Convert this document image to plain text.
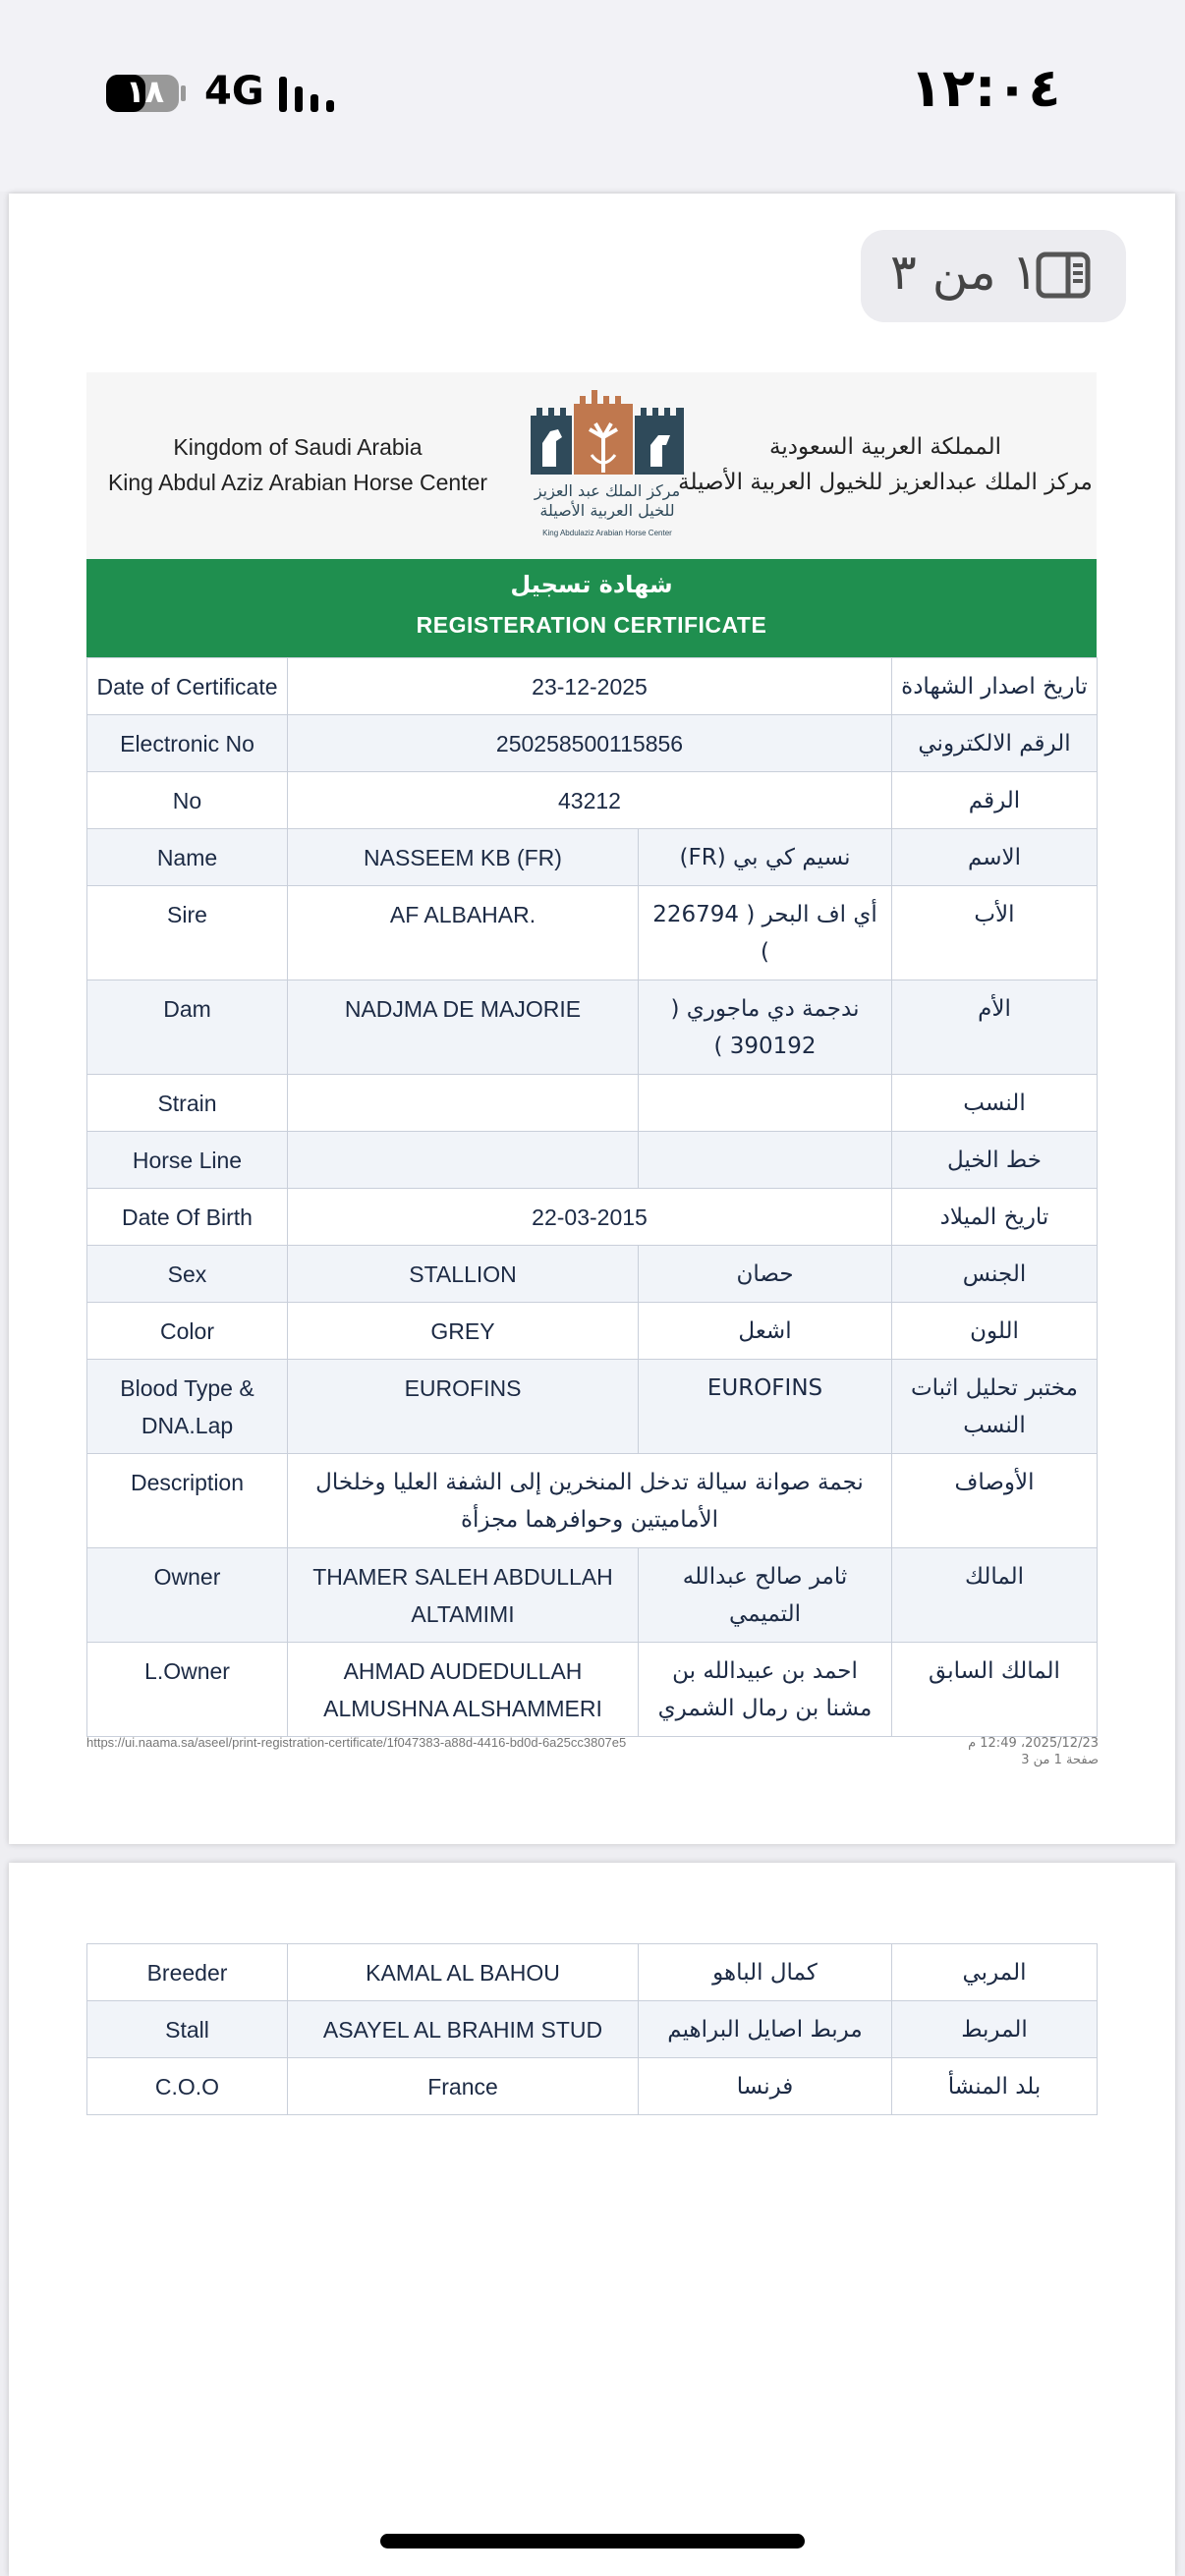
١٢:٠٤
4G
١٨
١ من ٣
Kingdom of Saudi Arabia
King Abdul Aziz Arabian Horse Center	مركز الملك عبد العزيز
للخيل العربية الأصيلة
King Abdulaziz Arabian Horse Center
المملكة العربية السعودية
مركز الملك عبدالعزيز للخيول العربية الأصيلة
شهادة تسجيل
REGISTERATION CERTIFICATE
Date of Certificate	23-12-2025		تاريخ اصدار الشهادة
Electronic No	250258500115856		الرقم الالكتروني
No	43212		الرقم
Name	NASSEEM KB (FR)	نسيم كي بي (FR)	الاسم
Sire	AF ALBAHAR.	أي اف البحر ( 226794 )	الأب
Dam	NADJMA DE MAJORIE	ندجمة دي ماجوري ( 390192 )	الأم
Strain			النسب
Horse Line			خط الخيل
Date Of Birth	22-03-2015		تاريخ الميلاد
Sex	STALLION	حصان	الجنس
Color	GREY	اشعل	اللون
Blood Type & DNA.Lap	EUROFINS	EUROFINS	مختبر تحليل اثبات النسب
Description	نجمة صوانة سيالة تدخل المنخرين إلى الشفة العليا وخلخال الأماميتين وحوافرهما مجزأة		الأوصاف
Owner	THAMER SALEH ABDULLAH ALTAMIMI	ثامر صالح عبدالله التميمي	المالك
L.Owner	AHMAD AUDEDULLAH ALMUSHNA ALSHAMMERI	احمد بن عبيدالله بن مشنا بن رمال الشمري	المالك السابق
https://ui.naama.sa/aseel/print-registration-certificate/1f047383-a88d-4416-bd0d-6a25cc3807e5	2025/12/23، 12:49 م
صفحة 1 من 3
Breeder	KAMAL AL BAHOU	كمال الباهو	المربي
Stall	ASAYEL AL BRAHIM STUD	مربط اصايل البراهيم	المربط
C.O.O	France	فرنسا	بلد المنشأ
